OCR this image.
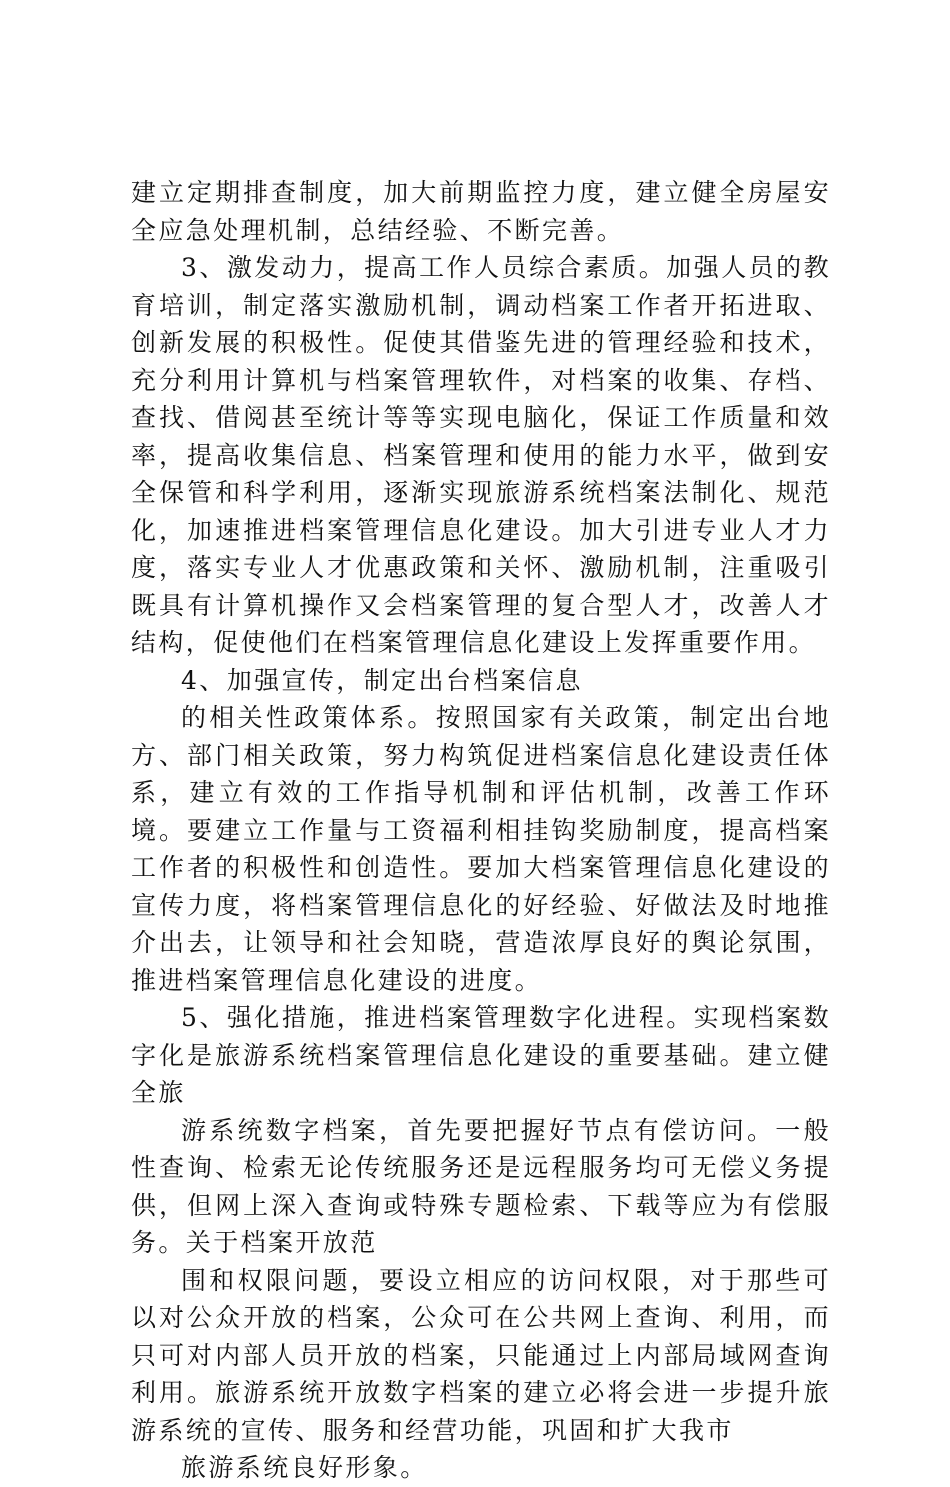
建立定期排查制度，加大前期监控力度，建立健全房屋安全应急处理机制，总结经验、不断完善。

3、激发动力，提高工作人员综合素质。加强人员的教育培训，制定落实激励机制，调动档案工作者开拓进取、创新发展的积极性。促使其借鉴先进的管理经验和技术，充分利用计算机与档案管理软件，对档案的收集、存档、查找、借阅甚至统计等等实现电脑化，保证工作质量和效率，提高收集信息、档案管理和使用的能力水平，做到安全保管和科学利用，逐渐实现旅游系统档案法制化、规范化，加速推进档案管理信息化建设。加大引进专业人才力度，落实专业人才优惠政策和关怀、激励机制，注重吸引既具有计算机操作又会档案管理的复合型人才，改善人才结构，促使他们在档案管理信息化建设上发挥重要作用。

4、加强宣传，制定出台档案信息

的相关性政策体系。按照国家有关政策，制定出台地方、部门相关政策，努力构筑促进档案信息化建设责任体系，建立有效的工作指导机制和评估机制，改善工作环境。要建立工作量与工资福利相挂钩奖励制度，提高档案工作者的积极性和创造性。要加大档案管理信息化建设的宣传力度，将档案管理信息化的好经验、好做法及时地推介出去，让领导和社会知晓，营造浓厚良好的舆论氛围，推进档案管理信息化建设的进度。

5、强化措施，推进档案管理数字化进程。实现档案数字化是旅游系统档案管理信息化建设的重要基础。建立健全旅

游系统数字档案，首先要把握好节点有偿访问。一般性查询、检索无论传统服务还是远程服务均可无偿义务提供，但网上深入查询或特殊专题检索、下载等应为有偿服务。关于档案开放范

围和权限问题，要设立相应的访问权限，对于那些可以对公众开放的档案，公众可在公共网上查询、利用，而只可对内部人员开放的档案，只能通过上内部局域网查询利用。旅游系统开放数字档案的建立必将会进一步提升旅游系统的宣传、服务和经营功能，巩固和扩大我市

旅游系统良好形象。
